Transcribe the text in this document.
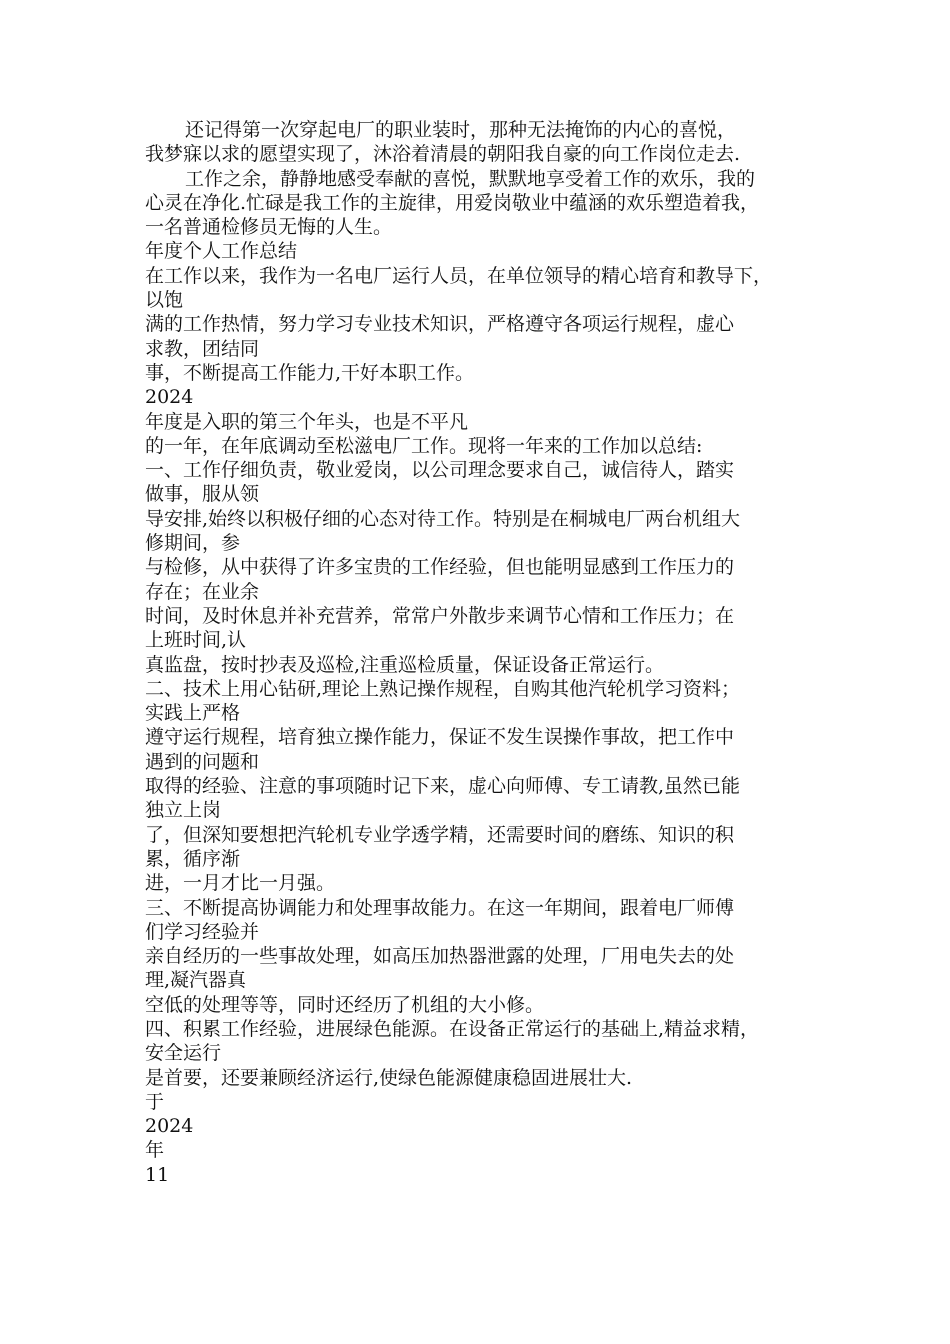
还记得第一次穿起电厂的职业装时，那种无法掩饰的内心的喜悦，
我梦寐以求的愿望实现了，沐浴着清晨的朝阳我自豪的向工作岗位走去.
工作之余，静静地感受奉献的喜悦，默默地享受着工作的欢乐，我的
心灵在净化.忙碌是我工作的主旋律，用爱岗敬业中蕴涵的欢乐塑造着我，
一名普通检修员无悔的人生。
年度个人工作总结
在工作以来，我作为一名电厂运行人员，在单位领导的精心培育和教导下，
以饱
满的工作热情，努力学习专业技术知识，严格遵守各项运行规程，虚心
求教，团结同
事，不断提高工作能力,干好本职工作。
2024
年度是入职的第三个年头，也是不平凡
的一年，在年底调动至松滋电厂工作。现将一年来的工作加以总结:
一、工作仔细负责，敬业爱岗，以公司理念要求自己，诚信待人，踏实
做事，服从领
导安排,始终以积极仔细的心态对待工作。特别是在桐城电厂两台机组大
修期间，参
与检修，从中获得了许多宝贵的工作经验，但也能明显感到工作压力的
存在；在业余
时间，及时休息并补充营养，常常户外散步来调节心情和工作压力；在
上班时间,认
真监盘，按时抄表及巡检,注重巡检质量，保证设备正常运行。
二、技术上用心钻研,理论上熟记操作规程，自购其他汽轮机学习资料；
实践上严格
遵守运行规程，培育独立操作能力，保证不发生误操作事故，把工作中
遇到的问题和
取得的经验、注意的事项随时记下来，虚心向师傅、专工请教,虽然已能
独立上岗
了，但深知要想把汽轮机专业学透学精，还需要时间的磨练、知识的积
累，循序渐
进，一月才比一月强。
三、不断提高协调能力和处理事故能力。在这一年期间，跟着电厂师傅
们学习经验并
亲自经历的一些事故处理，如高压加热器泄露的处理，厂用电失去的处
理,凝汽器真
空低的处理等等，同时还经历了机组的大小修。
四、积累工作经验，进展绿色能源。在设备正常运行的基础上,精益求精，
安全运行
是首要，还要兼顾经济运行,使绿色能源健康稳固进展壮大.
于
2024
年
11
